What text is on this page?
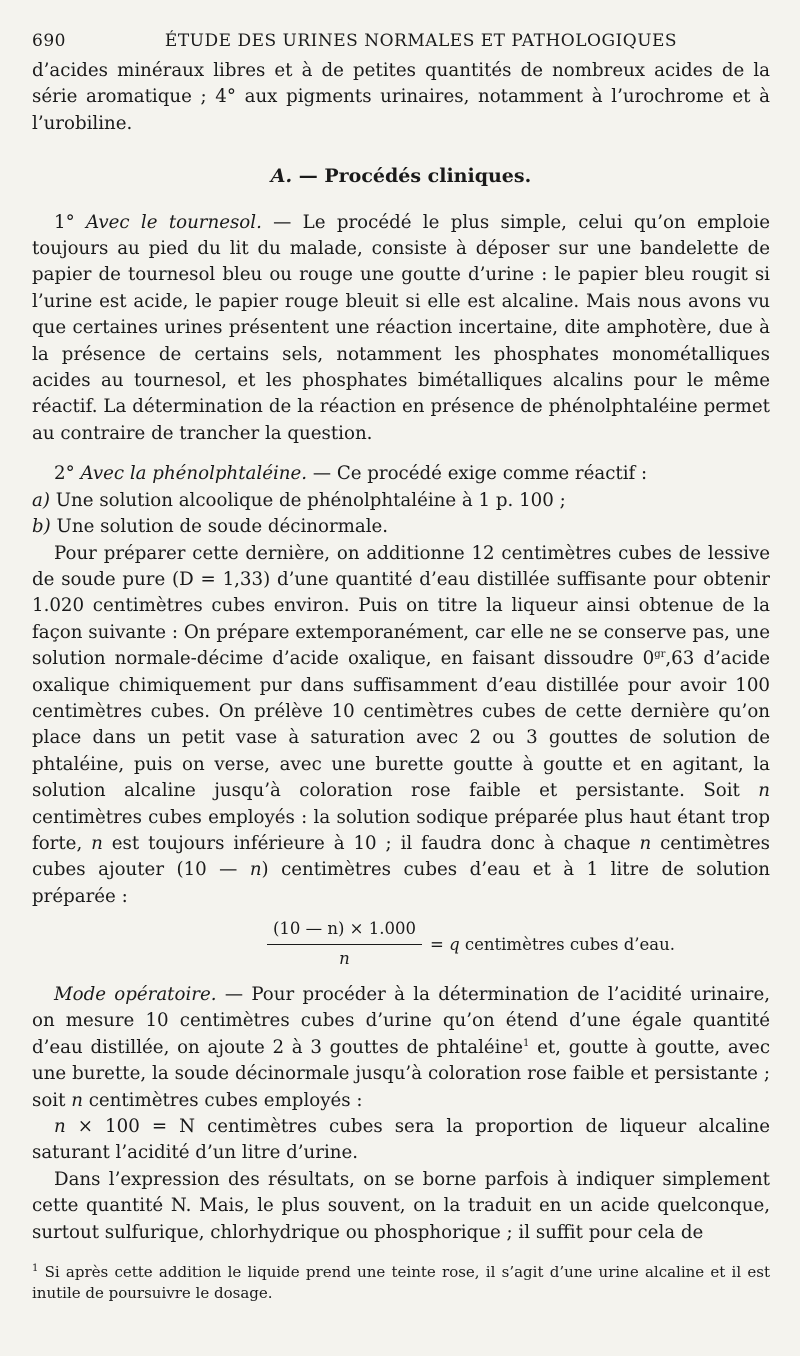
690	ÉTUDE DES URINES NORMALES ET PATHOLOGIQUES

d’acides minéraux libres et à de petites quantités de nombreux acides de la série aromatique ; 4° aux pigments urinaires, notamment à l’urochrome et à l’urobiline.

A. — Procédés cliniques.

1° Avec le tournesol. — Le procédé le plus simple, celui qu’on emploie toujours au pied du lit du malade, consiste à déposer sur une bandelette de papier de tournesol bleu ou rouge une goutte d’urine : le papier bleu rougit si l’urine est acide, le papier rouge bleuit si elle est alcaline. Mais nous avons vu que certaines urines présentent une réaction incertaine, dite amphotère, due à la présence de certains sels, notamment les phosphates monométalliques acides au tournesol, et les phosphates bimétalliques alcalins pour le même réactif. La détermination de la réaction en présence de phénolphtaléine permet au contraire de trancher la question.

2° Avec la phénolphtaléine. — Ce procédé exige comme réactif :

a) Une solution alcoolique de phénolphtaléine à 1 p. 100 ;

b) Une solution de soude décinormale.

Pour préparer cette dernière, on additionne 12 centimètres cubes de lessive de soude pure (D = 1,33) d’une quantité d’eau distillée suffisante pour obtenir 1.020 centimètres cubes environ. Puis on titre la liqueur ainsi obtenue de la façon suivante : On prépare extemporanément, car elle ne se conserve pas, une solution normale-décime d’acide oxalique, en faisant dissoudre $0^{gr},63$ d’acide oxalique chimiquement pur dans suffisamment d’eau distillée pour avoir 100 centimètres cubes. On prélève 10 centimètres cubes de cette dernière qu’on place dans un petit vase à saturation avec 2 ou 3 gouttes de solution de phtaléine, puis on verse, avec une burette goutte à goutte et en agitant, la solution alcaline jusqu’à coloration rose faible et persistante. Soit n centimètres cubes employés : la solution sodique préparée plus haut étant trop forte, n est toujours inférieure à 10 ; il faudra donc à chaque n centimètres cubes ajouter (10 — n) centimètres cubes d’eau et à 1 litre de solution préparée :

$\frac{(10 — n) \times 1.000}{n} = q$ centimètres cubes d’eau.

Mode opératoire. — Pour procéder à la détermination de l’acidité urinaire, on mesure 10 centimètres cubes d’urine qu’on étend d’une égale quantité d’eau distillée, on ajoute 2 à 3 gouttes de phtaléine$^1$ et, goutte à goutte, avec une burette, la soude décinormale jusqu’à coloration rose faible et persistante ; soit n centimètres cubes employés :

n × 100 = N centimètres cubes sera la proportion de liqueur alcaline saturant l’acidité d’un litre d’urine.

Dans l’expression des résultats, on se borne parfois à indiquer simplement cette quantité N. Mais, le plus souvent, on la traduit en un acide quelconque, surtout sulfurique, chlorhydrique ou phosphorique ; il suffit pour cela de

$^1$ Si après cette addition le liquide prend une teinte rose, il s’agit d’une urine alcaline et il est inutile de poursuivre le dosage.
